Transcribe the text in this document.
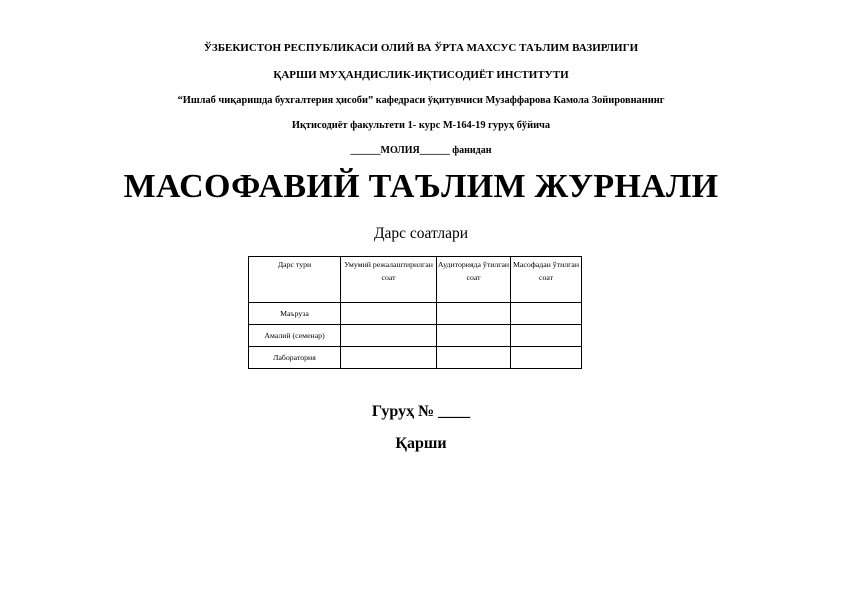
ЎЗБЕКИСТОН РЕСПУБЛИКАСИ ОЛИЙ ВА ЎРТА МАХСУС ТАЪЛИМ ВАЗИРЛИГИ
ҚАРШИ МУҲАНДИСЛИК-ИҚТИСОДИЁТ ИНСТИТУТИ
“Ишлаб чиқаришда бухгалтерия ҳисоби” кафедраси ўқитувчиси Музаффарова Камола Зойировнанинг
Иқтисодиёт факультети 1- курс М-164-19 гуруҳ бўйича
______МОЛИЯ______ фанидан
МАСОФАВИЙ ТАЪЛИМ ЖУРНАЛИ
Дарс соатлари
Дарс тури	Умумий режалаштирилган соат	Аудиторияда ўтилган соат	Масофадан ўтилган соат
Маъруза			
Амалий (семенар)			
Лаборатория			
Гуруҳ № ____
Қарши
